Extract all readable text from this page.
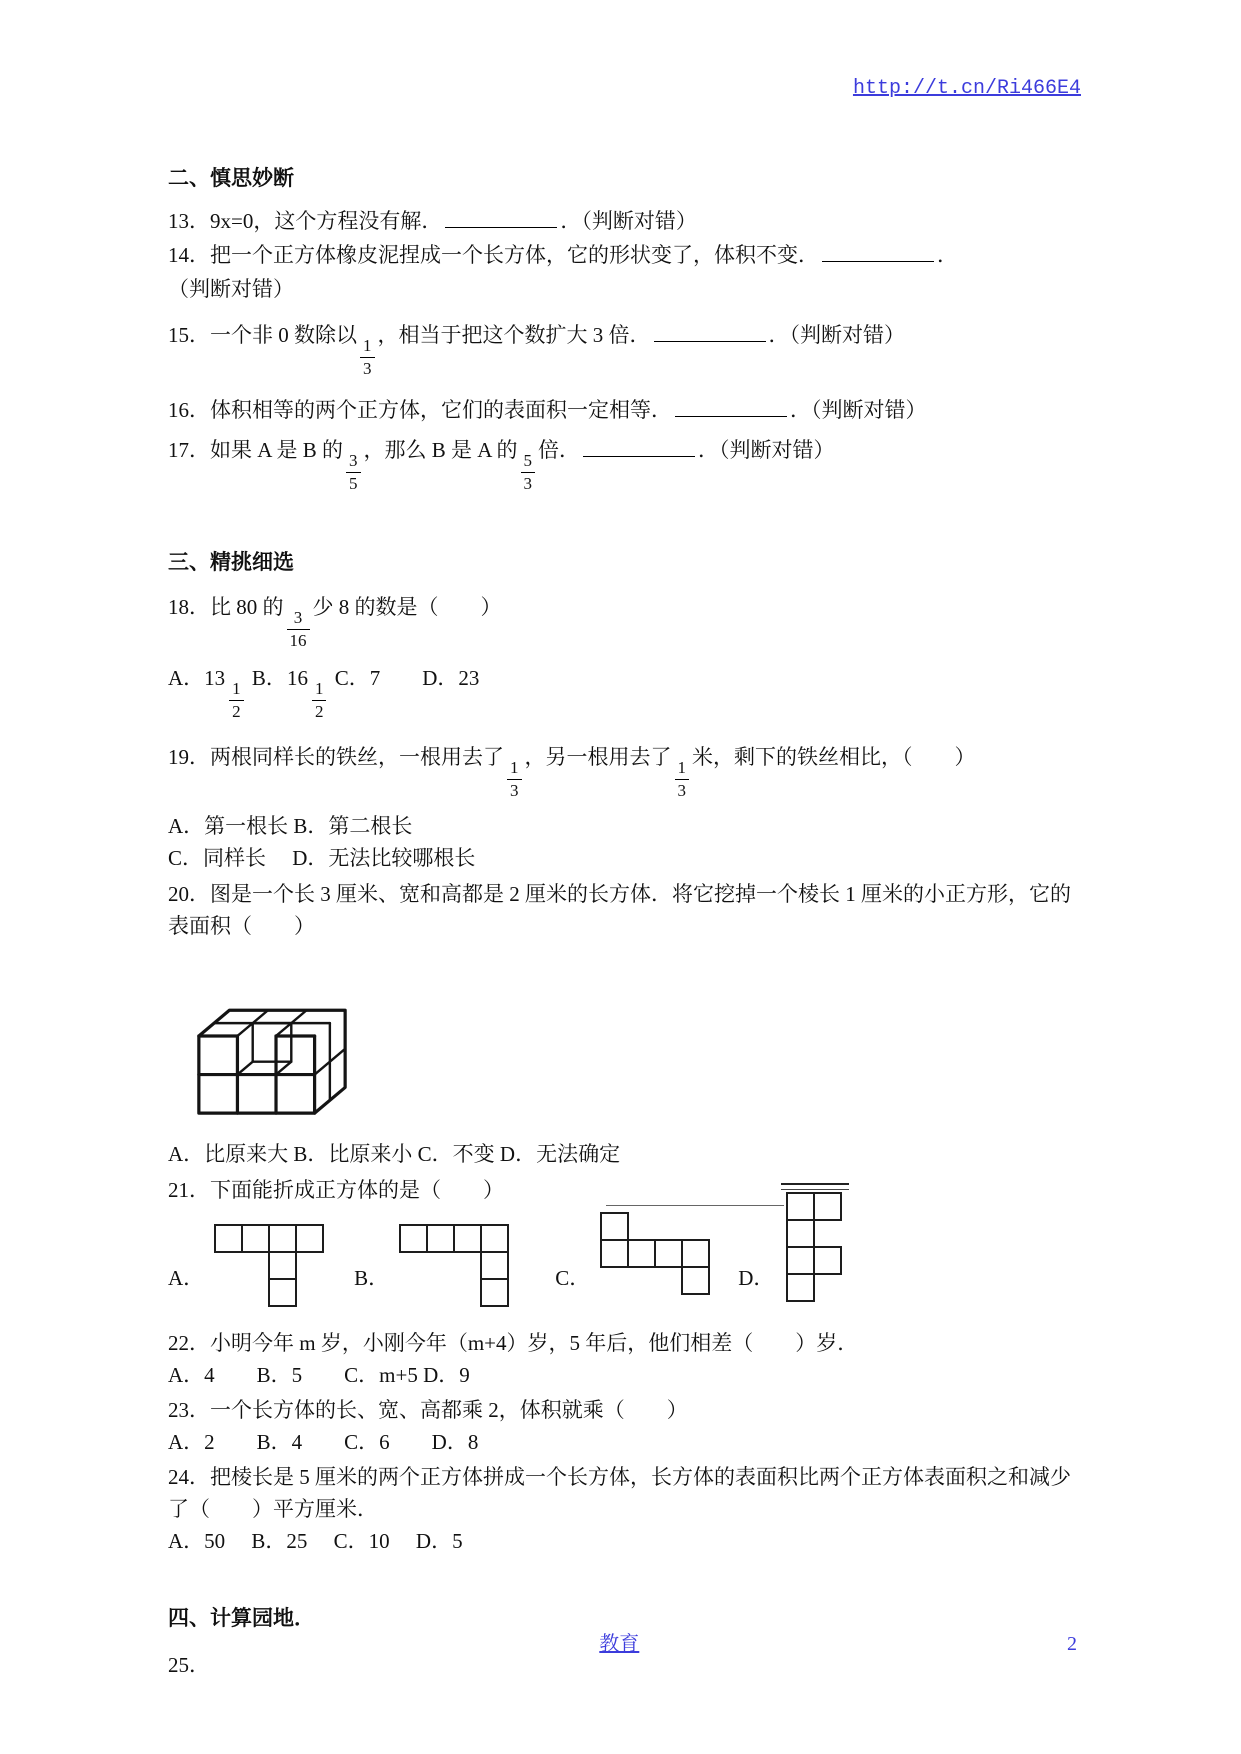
http://t.cn/Ri466E4
二、慎思妙断
13．9x=0，这个方程没有解．	．（判断对错）
14．把一个正方体橡皮泥捏成一个长方体，它的形状变了，体积不变．	．
（判断对错）
15．一个非 0 数除以
$\frac{1}{3}$
，相当于把这个数扩大 3 倍．	．（判断对错）
16．体积相等的两个正方体，它们的表面积一定相等．	．（判断对错）
17．如果 A 是 B 的
$\frac{3}{5}$
，那么 B 是 A 的
$\frac{5}{3}$
倍．	．（判断对错）
三、精挑细选
18．比 80 的
$\frac{3}{16}$
少 8 的数是（　　）
A．13
$\frac{1}{2}$
B．16
$\frac{1}{2}$
C．7　　D．23
19．两根同样长的铁丝，一根用去了
$\frac{1}{3}$
，另一根用去了
$\frac{1}{3}$
米，剩下的铁丝相比，（　　）
A．第一根长 B．第二根长
C．同样长　 D．无法比较哪根长
20．图是一个长 3 厘米、宽和高都是 2 厘米的长方体．将它挖掉一个棱长 1 厘米的小正方形，它的表面积（　　）
A．比原来大 B．比原来小 C．不变 D．无法确定
21．下面能折成正方体的是（　　）
A．	B．	C．	D．
22．小明今年 m 岁，小刚今年（m+4）岁，5 年后，他们相差（　　）岁．
A．4　　B．5　　C．m+5 D．9
23．一个长方体的长、宽、高都乘 2，体积就乘（　　）
A．2　　B．4　　C．6　　D．8
24．把棱长是 5 厘米的两个正方体拼成一个长方体，长方体的表面积比两个正方体表面积之和减少了（　　）平方厘米．
A．50　 B．25　 C．10　 D．5
四、计算园地．
25．
教育	2
